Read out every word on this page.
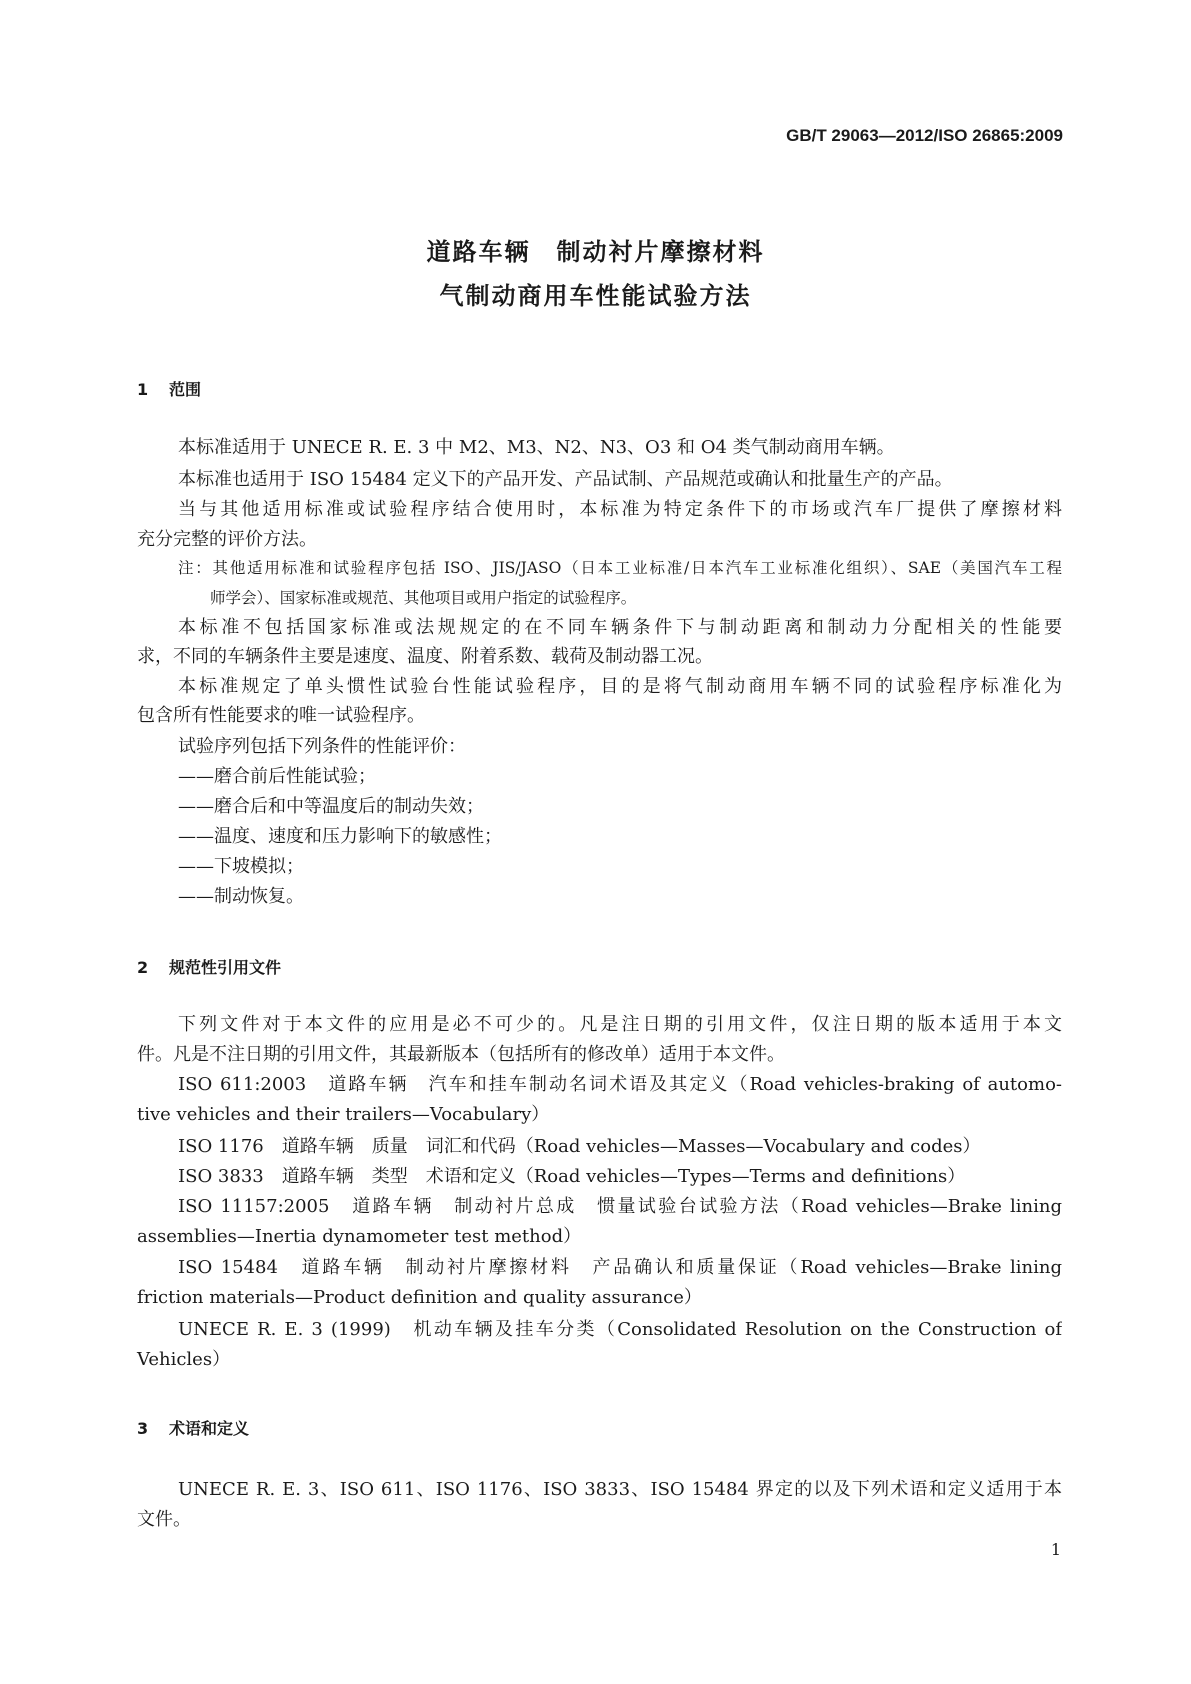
GB/T 29063—2012/ISO 26865:2009
道路车辆　制动衬片摩擦材料
气制动商用车性能试验方法
1 范围
2 规范性引用文件
3 术语和定义
本标准适用于 UNECE R. E. 3 中 M2、M3、N2、N3、O3 和 O4 类气制动商用车辆。
本标准也适用于 ISO 15484 定义下的产品开发、产品试制、产品规范或确认和批量生产的产品。
当与其他适用标准或试验程序结合使用时，本标准为特定条件下的市场或汽车厂提供了摩擦材料
充分完整的评价方法。
注：其他适用标准和试验程序包括 ISO、JIS/JASO（日本工业标准/日本汽车工业标准化组织）、SAE（美国汽车工程
师学会）、国家标准或规范、其他项目或用户指定的试验程序。
本标准不包括国家标准或法规规定的在不同车辆条件下与制动距离和制动力分配相关的性能要
求，不同的车辆条件主要是速度、温度、附着系数、载荷及制动器工况。
本标准规定了单头惯性试验台性能试验程序，目的是将气制动商用车辆不同的试验程序标准化为
包含所有性能要求的唯一试验程序。
试验序列包括下列条件的性能评价：
——磨合前后性能试验；
——磨合后和中等温度后的制动失效；
——温度、速度和压力影响下的敏感性；
——下坡模拟；
——制动恢复。
下列文件对于本文件的应用是必不可少的。凡是注日期的引用文件，仅注日期的版本适用于本文
件。凡是不注日期的引用文件，其最新版本（包括所有的修改单）适用于本文件。
ISO 611:2003　道路车辆　汽车和挂车制动名词术语及其定义（Road vehicles-braking of automo-
tive vehicles and their trailers—Vocabulary）
ISO 1176　道路车辆　质量　词汇和代码（Road vehicles—Masses—Vocabulary and codes）
ISO 3833　道路车辆　类型　术语和定义（Road vehicles—Types—Terms and definitions）
ISO 11157:2005　道路车辆　制动衬片总成　惯量试验台试验方法（Road vehicles—Brake lining
assemblies—Inertia dynamometer test method）
ISO 15484　道路车辆　制动衬片摩擦材料　产品确认和质量保证（Road vehicles—Brake lining
friction materials—Product definition and quality assurance）
UNECE R. E. 3 (1999)　机动车辆及挂车分类（Consolidated Resolution on the Construction of
Vehicles）
UNECE R. E. 3、ISO 611、ISO 1176、ISO 3833、ISO 15484 界定的以及下列术语和定义适用于本
文件。
1
